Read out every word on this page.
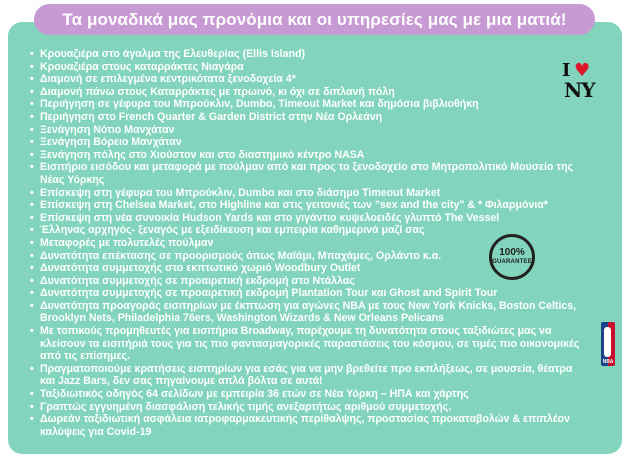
Τα μοναδικά μας προνόμια και οι υπηρεσίες μας με μια ματιά!
• Κρουαζιέρα στο άγαλμα της Ελευθερίας (Ellis Island)
• Κρουαζιέρα στους καταρράκτες Νιαγάρα
• Διαμονή σε επιλεγμένα κεντρικότατα ξενοδοχεία 4*
• Διαμονή πάνω στους Καταρράκτες με πρωινό, κι όχι σε διπλανή πόλη
• Περιήγηση σε γέφυρα του Μπρούκλιν, Dumbo, Timeout Market και δημόσια βιβλιοθήκη
• Περιήγηση στο French Quarter & Garden District στην Νέα Ορλεάνη
• Ξενάγηση Νότιο Μανχάταν
• Ξενάγηση Βόρειο Μανχάταν
• Ξενάγηση πόλης στο Χιούστον και στο διαστημικό κέντρο NASA
• Εισιτήριο εισόδου και μεταφορά με πούλμαν από και προς το ξενοδοχείο στο Μητροπολιτικό Μουσείο της Νέας Υόρκης
• Επίσκεψη στη γέφυρα του Μπρούκλιν, Dumbo και στο διάσημο Timeout Market
• Επίσκεψη στη Chelsea Market, στο Highline και στις γειτονιές των "sex and the city" & * Φιλαρμόνια*
• Επίσκεψη στη νέα συνοικία Hudson Yards και στο γιγάντιο κυψελοειδές γλυπτό The Vessel
• Έλληνας αρχηγός- ξεναγός με εξειδίκευση και εμπειρία καθημερινά μαζί σας
• Μεταφορές με πολυτελές πούλμαν
• Δυνατότητα επέκτασης σε προορισμούς όπως Μαϊάμι, Μπαχάμες, Ορλάντο κ.α.
• Δυνατότητα συμμετοχής στο εκπτωτικό χωριό Woodbury Outlet
• Δυνατότητα συμμετοχής σε προαιρετική εκδρομή στο Ντάλλας
• Δυνατότητα συμμετοχής σε προαιρετική εκδρομή Plantation Tour και Ghost and Spirit Tour
• Δυνατότητα προαγοράς εισιτηρίων με έκπτωση για αγώνες NBA με τους New York Knicks, Boston Celtics, Brooklyn Nets, Philadelphia 76ers, Washington Wizards & New Orleans Pelicans
• Με τοπικούς προμηθευτές για εισιτήρια Broadway, παρέχουμε τη δυνατότητα στους ταξιδιώτες μας να κλείσουν τα εισιτήριά τους για τις πιο φαντασμαγορικές παραστάσεις του κόσμου, σε τιμές πιο οικονομικές από τις επίσημες.
• Πραγματοποιούμε κρατήσεις εισιτηρίων για εσάς για να μην βρεθείτε προ εκπλήξεως, σε μουσεία, θέατρα και Jazz Bars, δεν σας πηγαίνουμε απλά βόλτα σε αυτά!
• Ταξιδιωτικός οδηγός 64 σελίδων με εμπειρία 36 ετών σε Νέα Υόρκη – ΗΠΑ και χάρτης
• Γραπτώς εγγυημένη διασφάλιση τελικής τιμής ανεξαρτήτως αριθμού συμμετοχής.
• Δωρεάν ταξιδιωτική ασφάλεια ιατροφαρμακευτικής περίθαλψης, προστασίας προκαταβολών & επιπλέον καλύψεις για Covid-19
I ♥
NY
100%
GUARANTEE
NBA
